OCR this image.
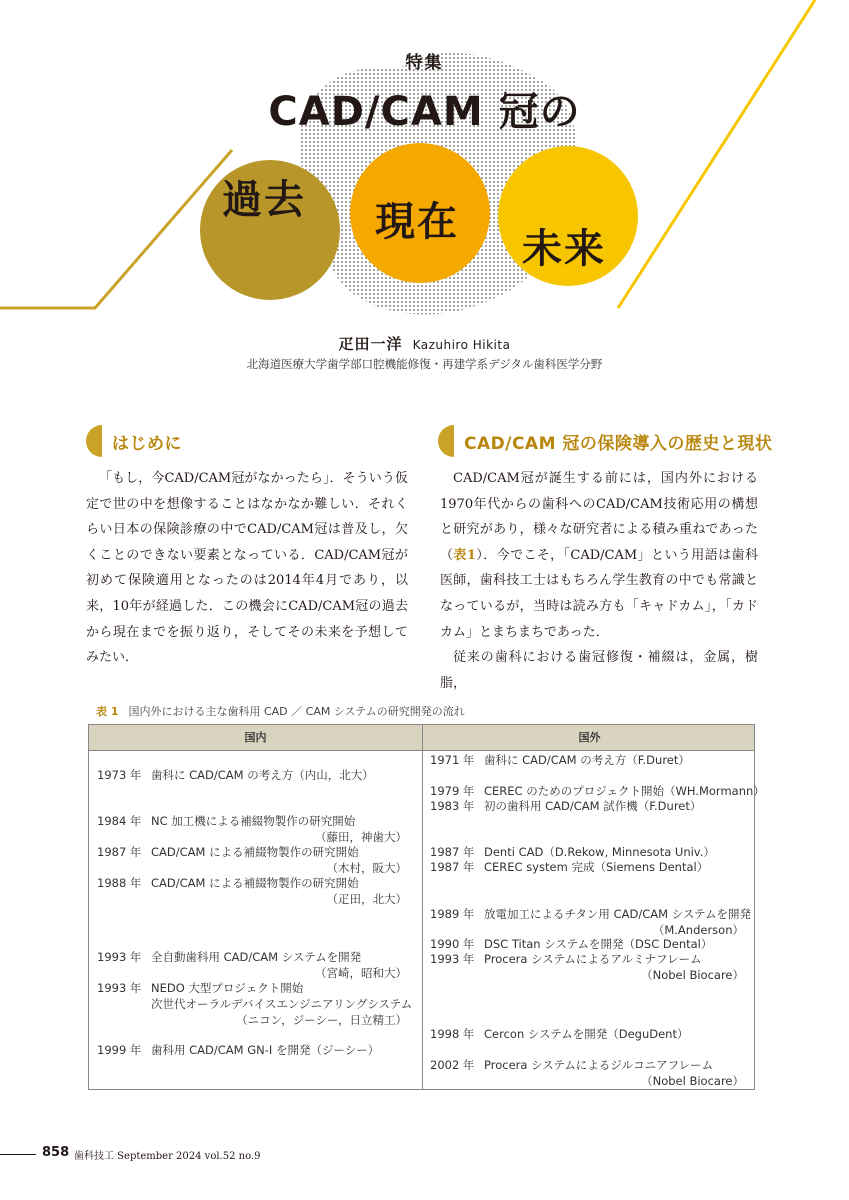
特集
CAD/CAM 冠の
過去 現在
未来
疋田一洋 Kazuhiro Hikita
北海道医療大学歯学部口腔機能修復・再建学系デジタル歯科医学分野
はじめに

「もし，今CAD/CAM冠がなかったら」．そういう仮定で世の中を想像することはなかなか難しい．それくらい日本の保険診療の中でCAD/CAM冠は普及し，欠くことのできない要素となっている．CAD/CAM冠が初めて保険適用となったのは2014年4月であり，以来，10年が経過した．この機会にCAD/CAM冠の過去から現在までを振り返り，そしてその未来を予想してみたい．

CAD/CAM 冠の保険導入の歴史と現状

CAD/CAM冠が誕生する前には，国内外における1970年代からの歯科へのCAD/CAM技術応用の構想と研究があり，様々な研究者による積み重ねであった（表1）．今でこそ，「CAD/CAM」という用語は歯科医師，歯科技工士はもちろん学生教育の中でも常識となっているが，当時は読み方も「キャドカム」，「カドカム」とまちまちであった．

従来の歯科における歯冠修復・補綴は，金属，樹脂，

表 1 国内外における主な歯科用 CAD ／ CAM システムの研究開発の流れ
国内	国外
1973 年 歯科に CAD/CAM の考え方（内山，北大）
1984 年 NC 加工機による補綴物製作の研究開始
（藤田，神歯大）
1987 年 CAD/CAM による補綴物製作の研究開始
（木村，阪大）
1988 年 CAD/CAM による補綴物製作の研究開始
（疋田，北大）
1993 年 全自動歯科用 CAD/CAM システムを開発
（宮崎，昭和大）
1993 年 NEDO 大型プロジェクト開始
次世代オーラルデバイスエンジニアリングシステム
（ニコン，ジーシー，日立精工）
1999 年 歯科用 CAD/CAM GN-I を開発（ジーシー）
1971 年 歯科に CAD/CAM の考え方（F.Duret）
1979 年 CEREC のためのプロジェクト開始（WH.Mormann）
1983 年 初の歯科用 CAD/CAM 試作機（F.Duret）
1987 年 Denti CAD（D.Rekow, Minnesota Univ.）
1987 年 CEREC system 完成（Siemens Dental）
1989 年 放電加工によるチタン用 CAD/CAM システムを開発
（M.Anderson）
1990 年 DSC Titan システムを開発（DSC Dental）
1993 年 Procera システムによるアルミナフレーム
（Nobel Biocare）
1998 年 Cercon システムを開発（DeguDent）
2002 年 Procera システムによるジルコニアフレーム
（Nobel Biocare）
858 歯科技工 September 2024 vol.52 no.9
